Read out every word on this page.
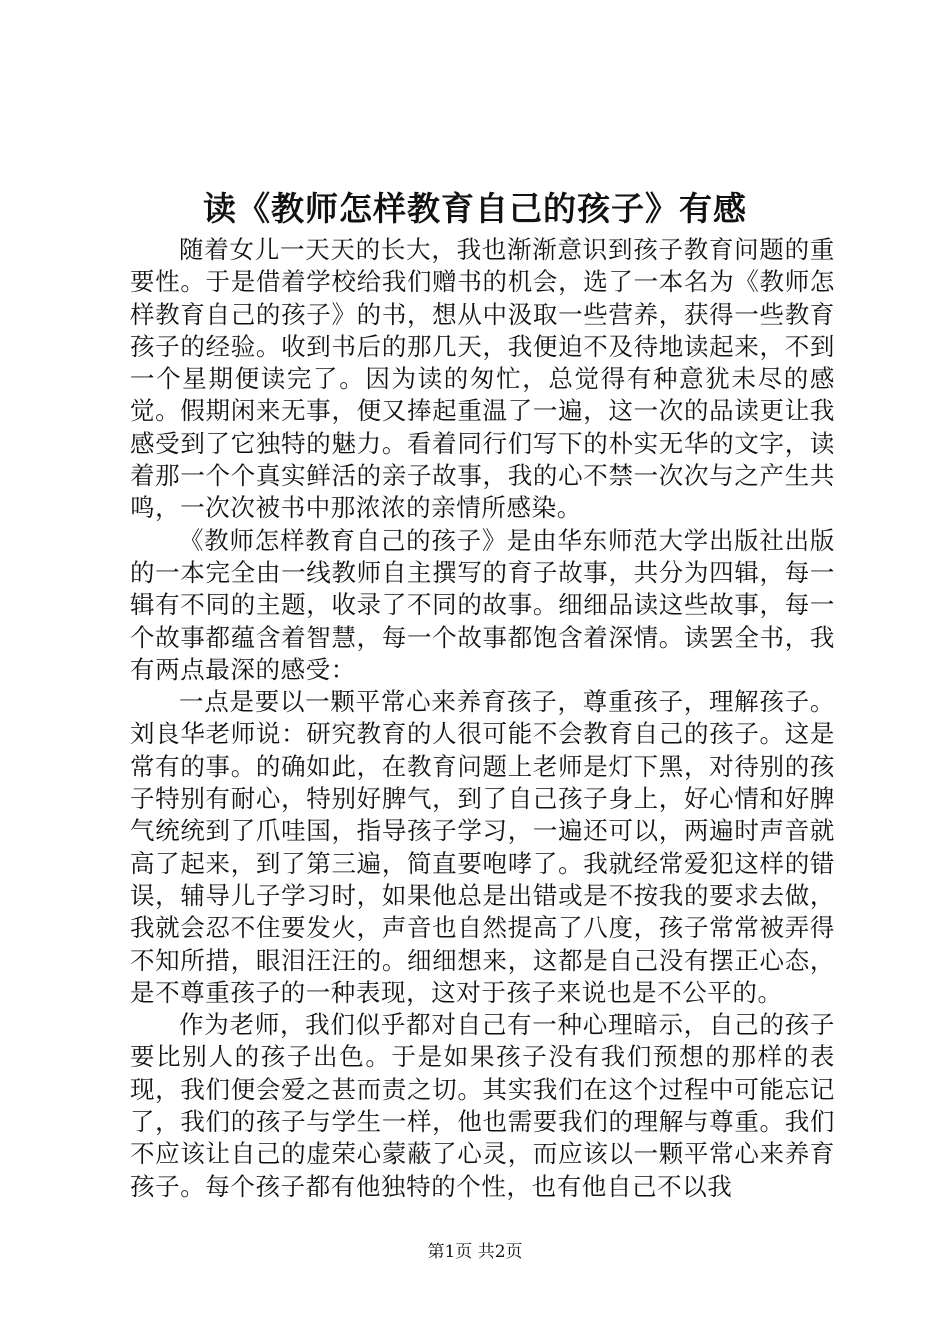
读《教师怎样教育自己的孩子》有感

随着女儿一天天的长大，我也渐渐意识到孩子教育问题的重要性。于是借着学校给我们赠书的机会，选了一本名为《教师怎样教育自己的孩子》的书，想从中汲取一些营养，获得一些教育孩子的经验。收到书后的那几天，我便迫不及待地读起来，不到一个星期便读完了。因为读的匆忙，总觉得有种意犹未尽的感觉。假期闲来无事，便又捧起重温了一遍，这一次的品读更让我感受到了它独特的魅力。看着同行们写下的朴实无华的文字，读着那一个个真实鲜活的亲子故事，我的心不禁一次次与之产生共鸣，一次次被书中那浓浓的亲情所感染。

《教师怎样教育自己的孩子》是由华东师范大学出版社出版的一本完全由一线教师自主撰写的育子故事，共分为四辑，每一辑有不同的主题，收录了不同的故事。细细品读这些故事，每一个故事都蕴含着智慧，每一个故事都饱含着深情。读罢全书，我有两点最深的感受：

一点是要以一颗平常心来养育孩子，尊重孩子，理解孩子。刘良华老师说：研究教育的人很可能不会教育自己的孩子。这是常有的事。的确如此，在教育问题上老师是灯下黑，对待别的孩子特别有耐心，特别好脾气，到了自己孩子身上，好心情和好脾气统统到了爪哇国，指导孩子学习，一遍还可以，两遍时声音就高了起来，到了第三遍，简直要咆哮了。我就经常爱犯这样的错误，辅导儿子学习时，如果他总是出错或是不按我的要求去做，我就会忍不住要发火，声音也自然提高了八度，孩子常常被弄得不知所措，眼泪汪汪的。细细想来，这都是自己没有摆正心态，是不尊重孩子的一种表现，这对于孩子来说也是不公平的。

作为老师，我们似乎都对自己有一种心理暗示，自己的孩子要比别人的孩子出色。于是如果孩子没有我们预想的那样的表现，我们便会爱之甚而责之切。其实我们在这个过程中可能忘记了，我们的孩子与学生一样，他也需要我们的理解与尊重。我们不应该让自己的虚荣心蒙蔽了心灵，而应该以一颗平常心来养育孩子。每个孩子都有他独特的个性，也有他自己不以我

第1页 共2页
